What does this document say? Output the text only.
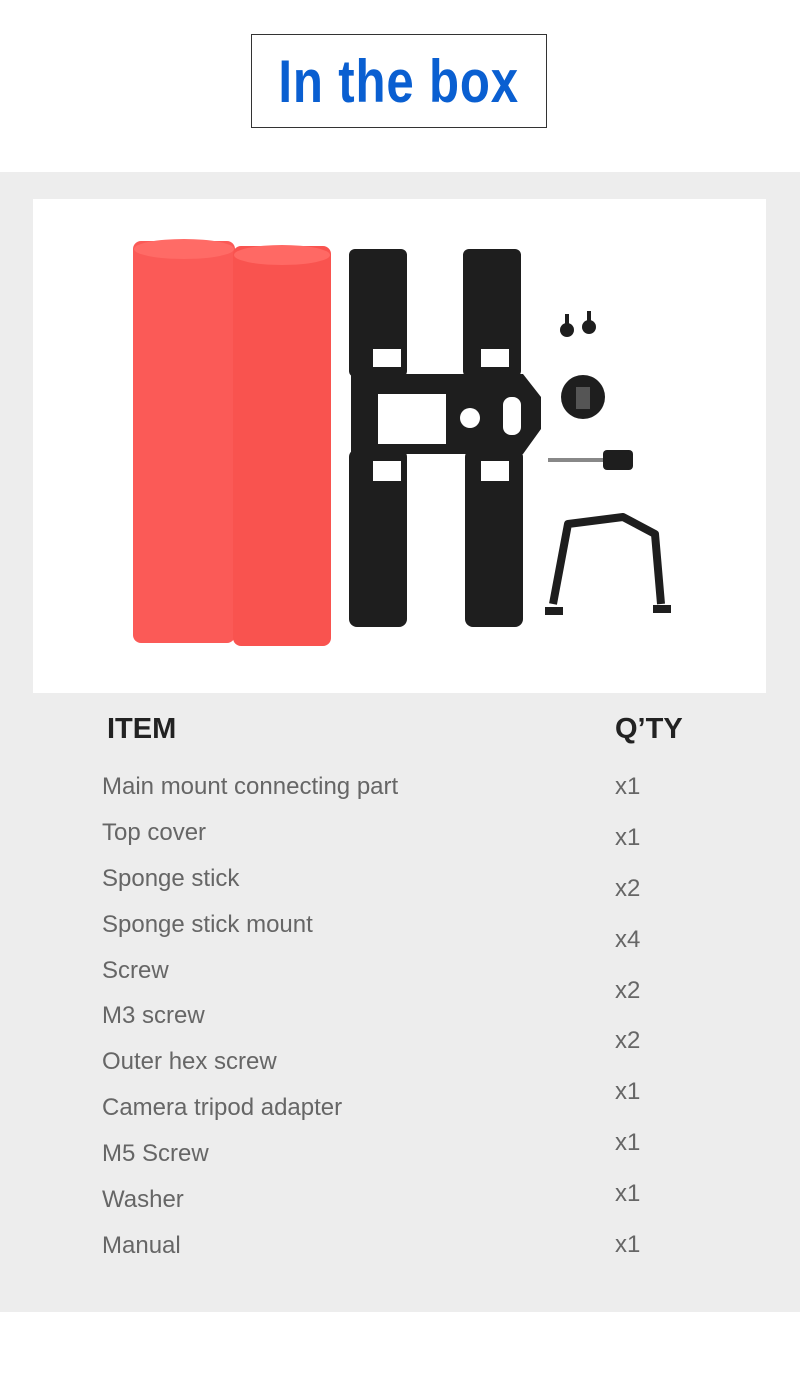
In the box
ITEM	Q’TY
Main mount connecting part
Top cover
Sponge stick
Sponge stick mount
Screw
M3 screw
Outer hex screw
Camera tripod adapter
M5 Screw
Washer
Manual
x1
x1
x2
x4
x2
x2
x1
x1
x1
x1
